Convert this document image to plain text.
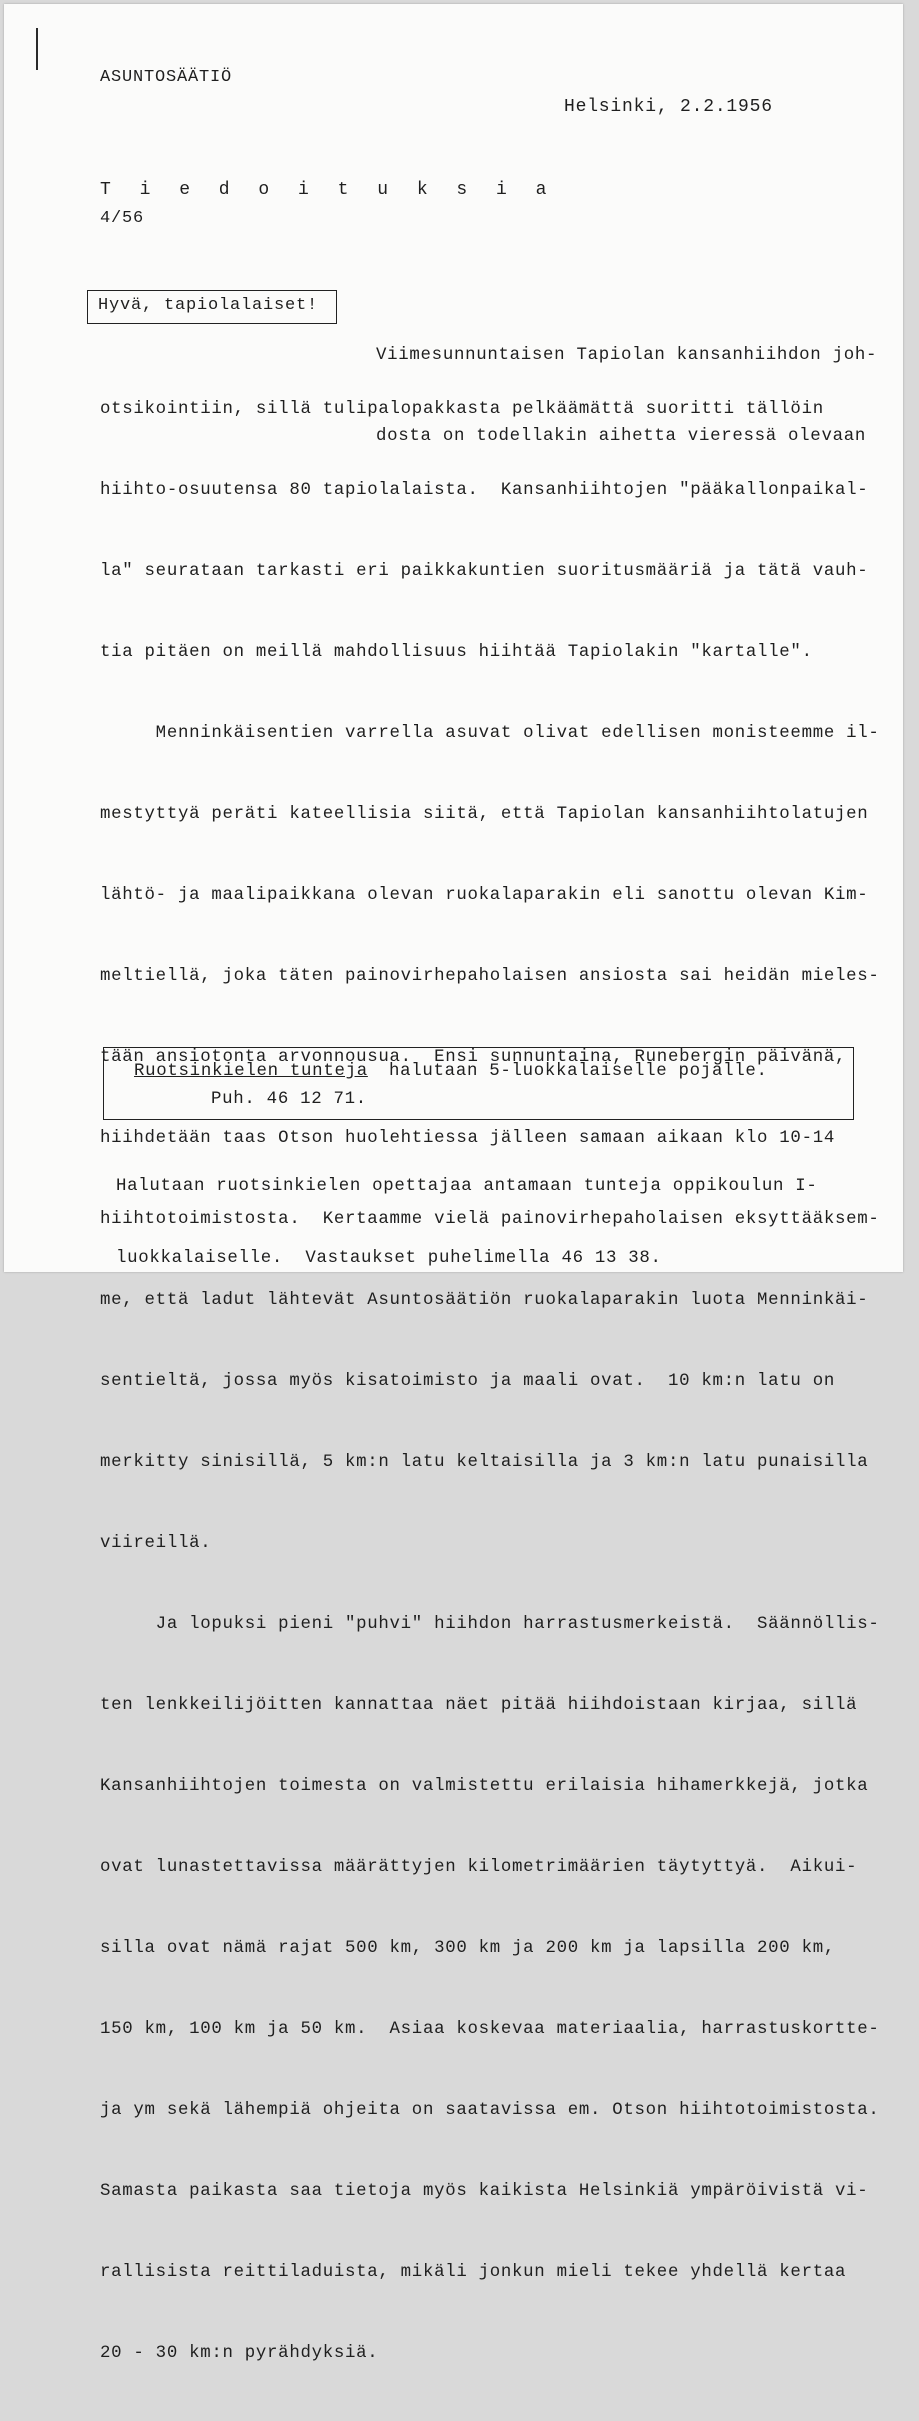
ASUNTOSÄÄTIÖ
Helsinki, 2.2.1956
T i e d o i t u k s i a
4/56
Hyvä, tapiolalaiset!

Viimesunnuntaisen Tapiolan kansanhiihdon joh-

dosta on todellakin aihetta vieressä olevaan

otsikointiin, sillä tulipalopakkasta pelkäämättä suoritti tällöin

hiihto-osuutensa 80 tapiolalaista.  Kansanhiihtojen "pääkallonpaikal-

la" seurataan tarkasti eri paikkakuntien suoritusmääriä ja tätä vauh-

tia pitäen on meillä mahdollisuus hiihtää Tapiolakin "kartalle".

Menninkäisentien varrella asuvat olivat edellisen monisteemme il-

mestyttyä peräti kateellisia siitä, että Tapiolan kansanhiihtolatujen

lähtö- ja maalipaikkana olevan ruokalaparakin eli sanottu olevan Kim-

meltiellä, joka täten painovirhepaholaisen ansiosta sai heidän mieles-

tään ansiotonta arvonnousua.  Ensi sunnuntaina, Runebergin päivänä,

hiihdetään taas Otson huolehtiessa jälleen samaan aikaan klo 10-14

hiihtotoimistosta.  Kertaamme vielä painovirhepaholaisen eksyttääksem-

me, että ladut lähtevät Asuntosäätiön ruokalaparakin luota Menninkäi-

sentieltä, jossa myös kisatoimisto ja maali ovat.  10 km:n latu on

merkitty sinisillä, 5 km:n latu keltaisilla ja 3 km:n latu punaisilla

viireillä.

Ja lopuksi pieni "puhvi" hiihdon harrastusmerkeistä.  Säännöllis-

ten lenkkeilijöitten kannattaa näet pitää hiihdoistaan kirjaa, sillä

Kansanhiihtojen toimesta on valmistettu erilaisia hihamerkkejä, jotka

ovat lunastettavissa määrättyjen kilometrimäärien täytyttyä.  Aikui-

silla ovat nämä rajat 500 km, 300 km ja 200 km ja lapsilla 200 km,

150 km, 100 km ja 50 km.  Asiaa koskevaa materiaalia, harrastuskortte-

ja ym sekä lähempiä ohjeita on saatavissa em. Otson hiihtotoimistosta.

Samasta paikasta saa tietoja myös kaikista Helsinkiä ympäröivistä vi-

rallisista reittiladuista, mikäli jonkun mieli tekee yhdellä kertaa

20 - 30 km:n pyrähdyksiä.

Ruotsinkielen tunteja halutaan 5-luokkalaiselle pojalle.
Puh. 46 12 71.

Halutaan ruotsinkielen opettajaa antamaan tunteja oppikoulun I-

luokkalaiselle.  Vastaukset puhelimella 46 13 38.
